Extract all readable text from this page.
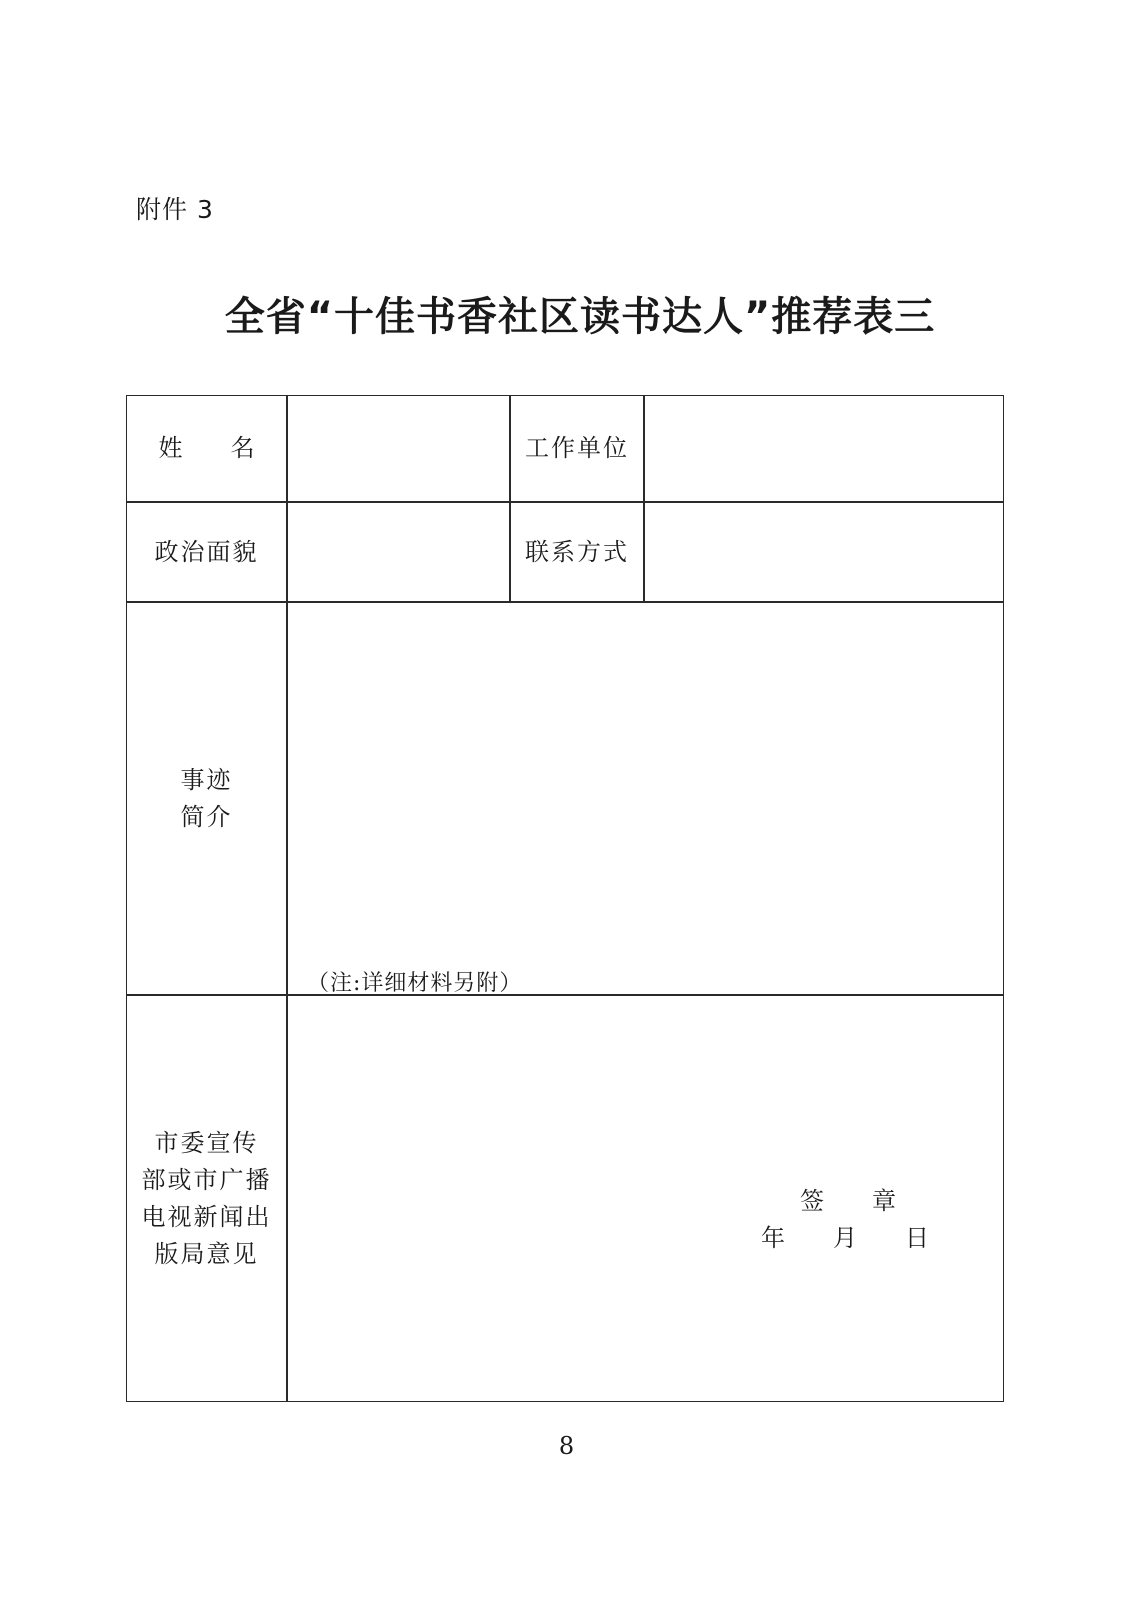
附件 3
全省“十佳书香社区读书达人”推荐表三
姓　　名	工作单位
政治面貌	联系方式
事迹
简介
（注:详细材料另附）
市委宣传
部或市广播
电视新闻出
版局意见
签　　章
年　　月　　日
8
